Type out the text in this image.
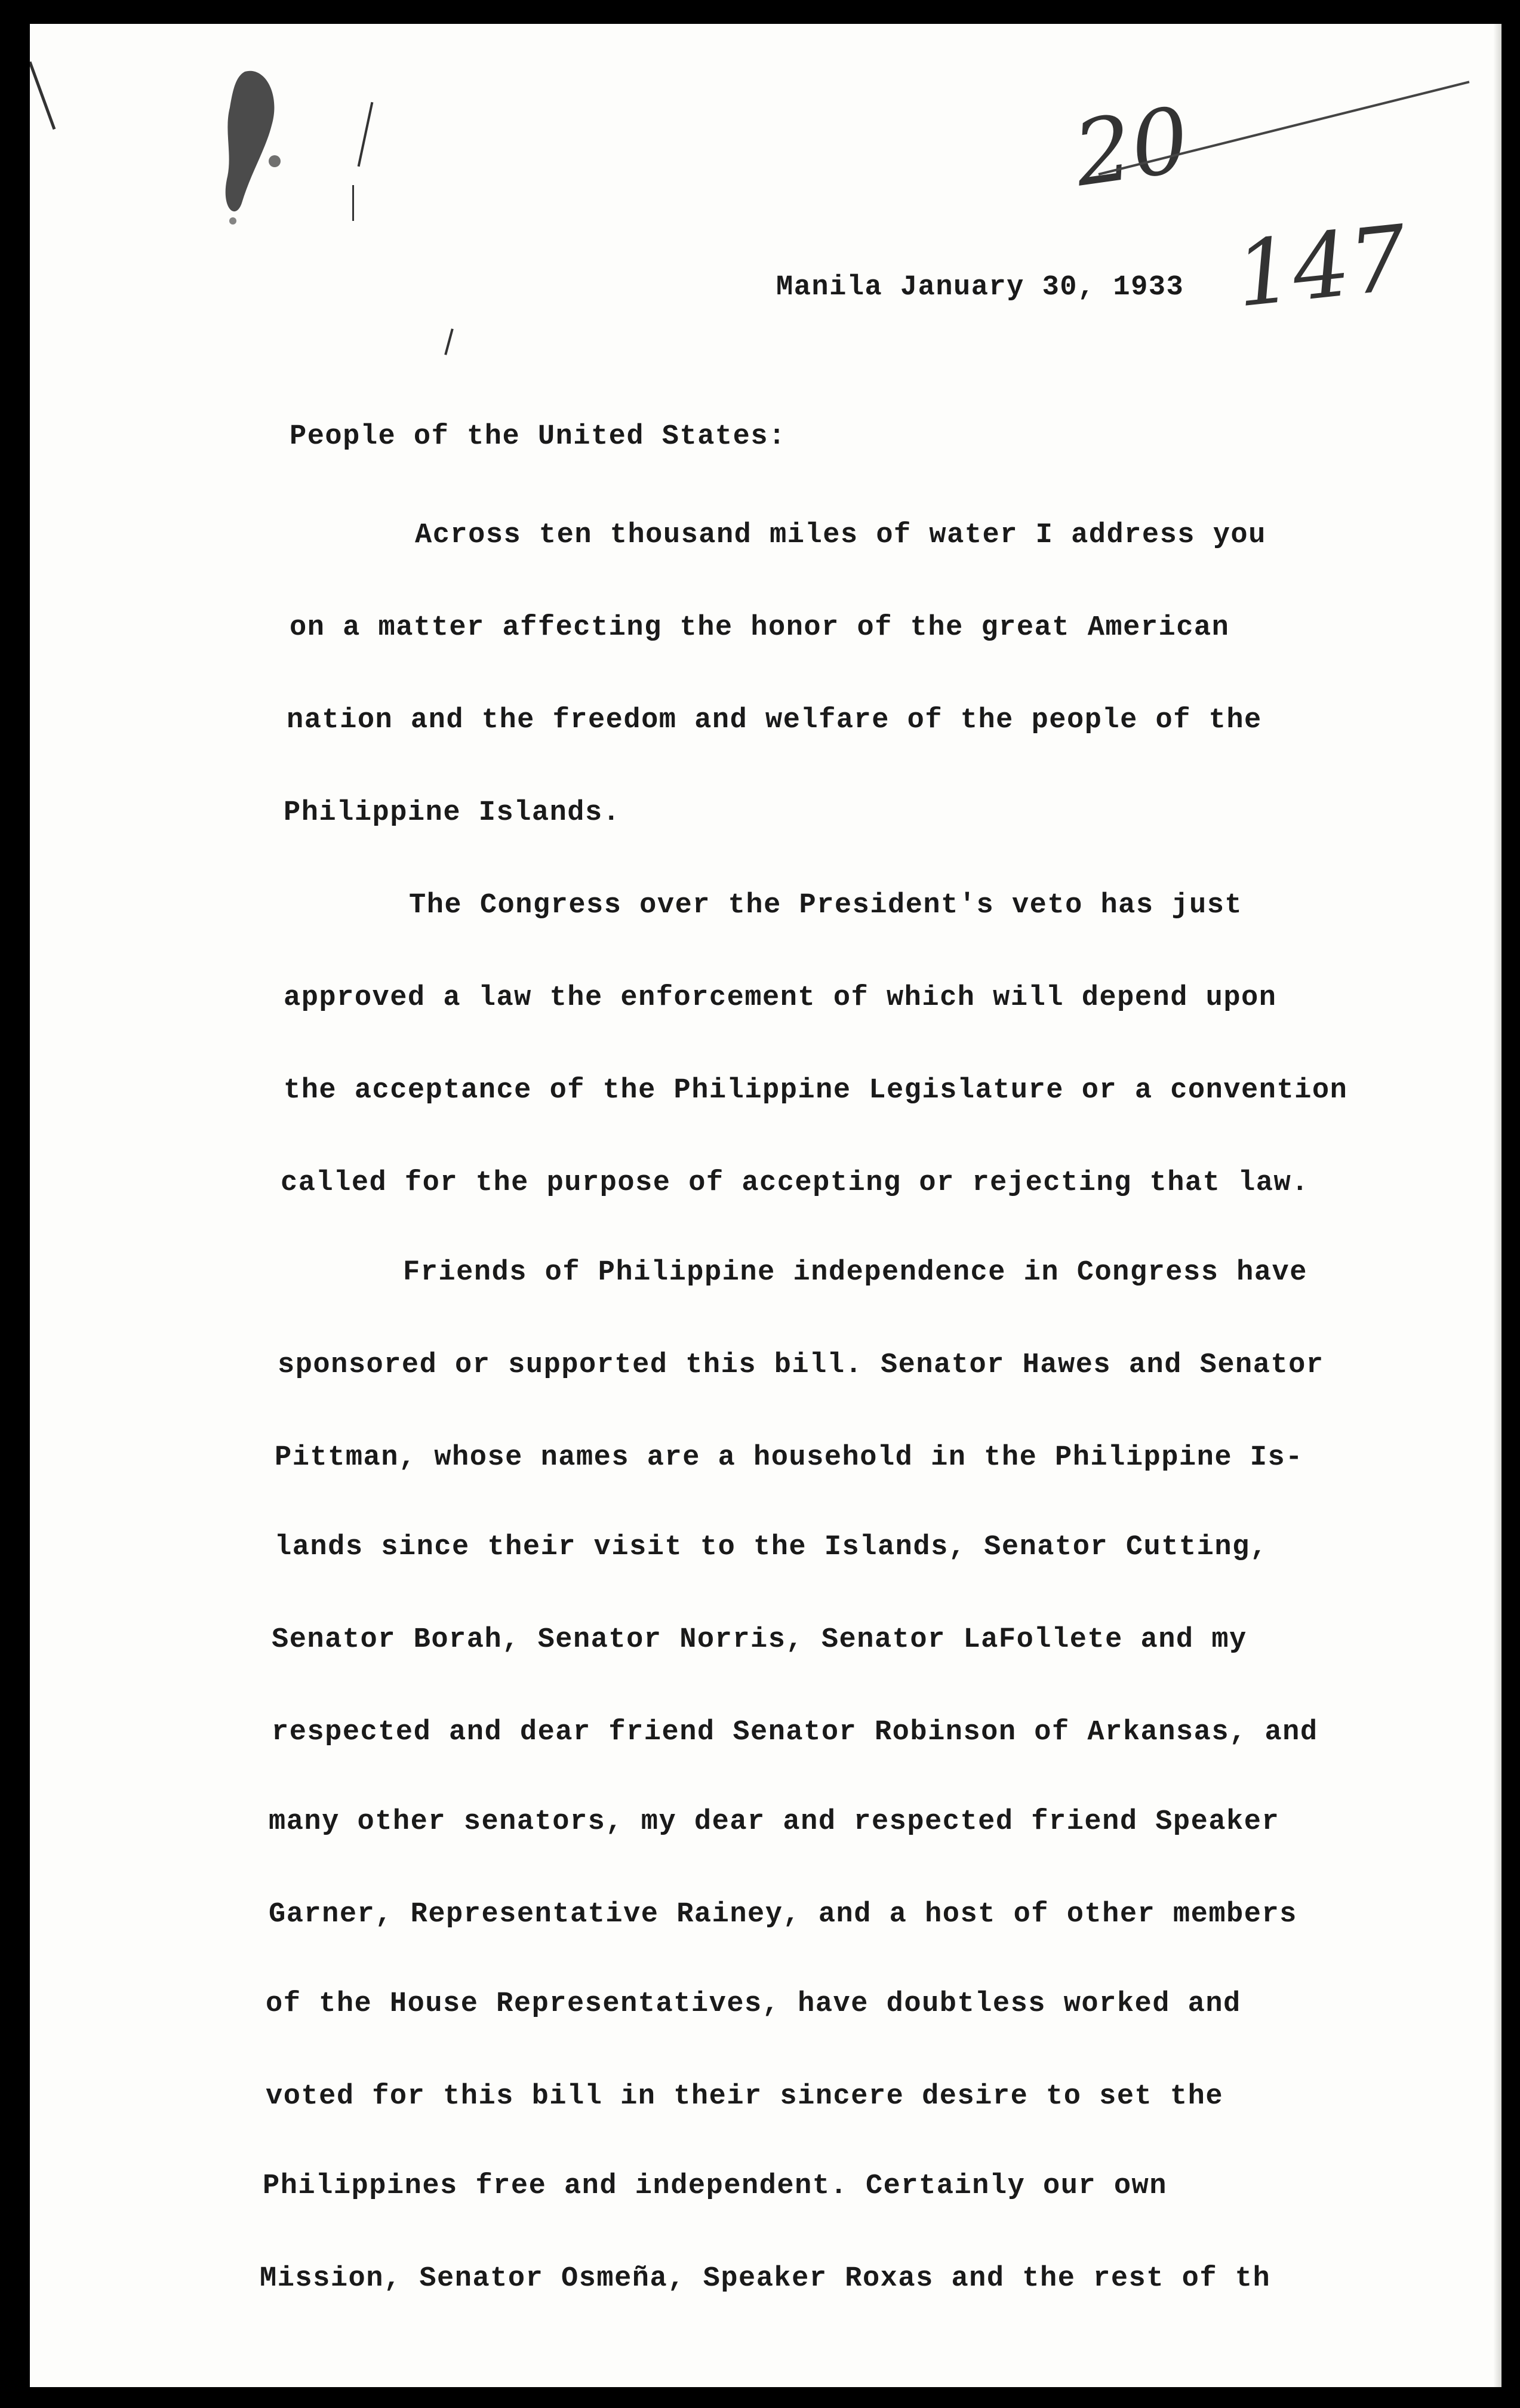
20
147
Manila January 30, 1933
People of the United States:
Across ten thousand miles of water I address you
on a matter affecting the honor of the great American
nation and the freedom and welfare of the people of the
Philippine Islands.
The Congress over the President's veto has just
approved a law the enforcement of which will depend upon
the acceptance of the Philippine Legislature or a convention
called for the purpose of accepting or rejecting that law.
Friends of Philippine independence in Congress have
sponsored or supported this bill. Senator Hawes and Senator
Pittman, whose names are a household in the Philippine Is-
lands since their visit to the Islands, Senator Cutting,
Senator Borah, Senator Norris, Senator LaFollete and my
respected and dear friend Senator Robinson of Arkansas, and
many other senators, my dear and respected friend Speaker
Garner, Representative Rainey, and a host of other members
of the House Representatives, have doubtless worked and
voted for this bill in their sincere desire to set the
Philippines free and independent. Certainly our own
Mission, Senator Osmeña, Speaker Roxas and the rest of th
